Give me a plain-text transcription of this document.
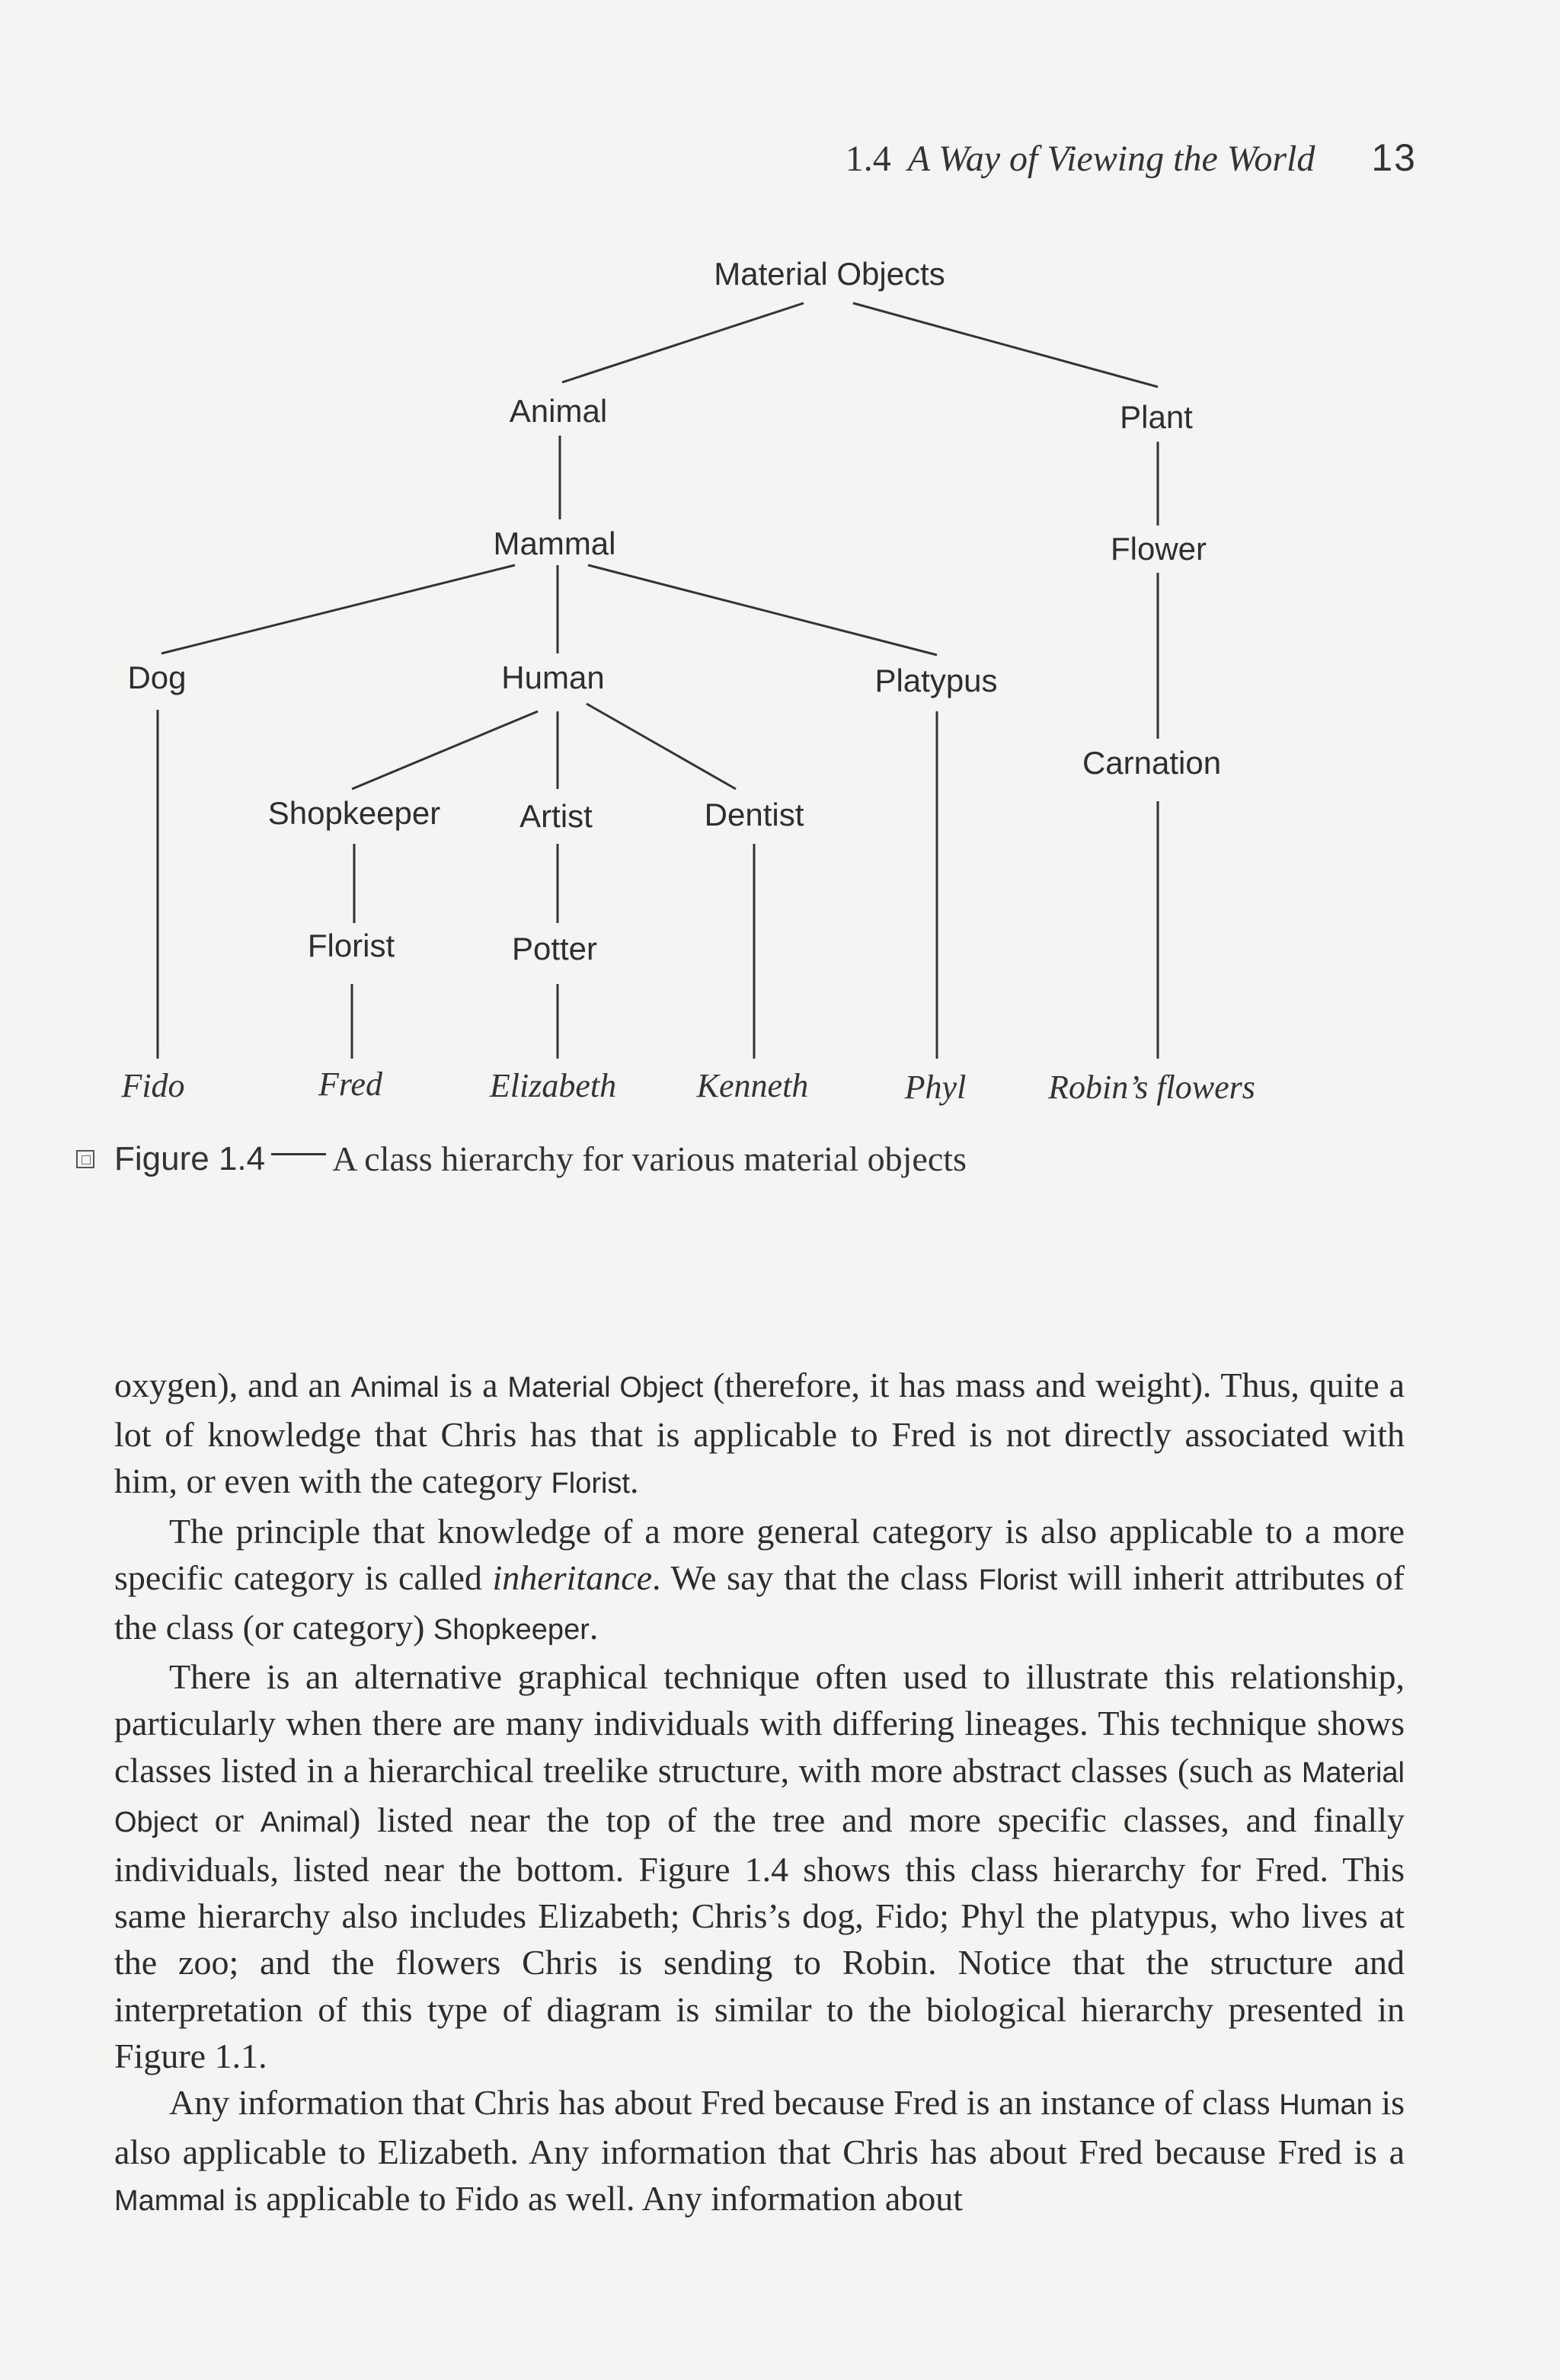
1.4 A Way of Viewing the World 13
Material Objects
Animal	Plant
Mammal	Flower
Dog	Human	Platypus
Carnation
Shopkeeper Artist	Dentist
Florist	Potter
Fido	Fred	Elizabeth Kenneth	Phyl Robin’s flowers
Figure 1.4 A class hierarchy for various material objects

oxygen), and an Animal is a Material Object (therefore, it has mass and weight). Thus, quite a lot of knowledge that Chris has that is applicable to Fred is not directly associated with him, or even with the category Florist.

The principle that knowledge of a more general category is also applicable to a more specific category is called inheritance. We say that the class Florist will inherit attributes of the class (or category) Shopkeeper.

There is an alternative graphical technique often used to illustrate this relationship, particularly when there are many individuals with differing lineages. This technique shows classes listed in a hierarchical treelike structure, with more abstract classes (such as Material Object or Animal) listed near the top of the tree and more specific classes, and finally individuals, listed near the bottom. Figure 1.4 shows this class hierarchy for Fred. This same hierarchy also includes Elizabeth; Chris’s dog, Fido; Phyl the platypus, who lives at the zoo; and the flowers Chris is sending to Robin. Notice that the structure and interpretation of this type of diagram is similar to the biological hierarchy presented in Figure 1.1.

Any information that Chris has about Fred because Fred is an instance of class Human is also applicable to Elizabeth. Any information that Chris has about Fred because Fred is a Mammal is applicable to Fido as well. Any information about
